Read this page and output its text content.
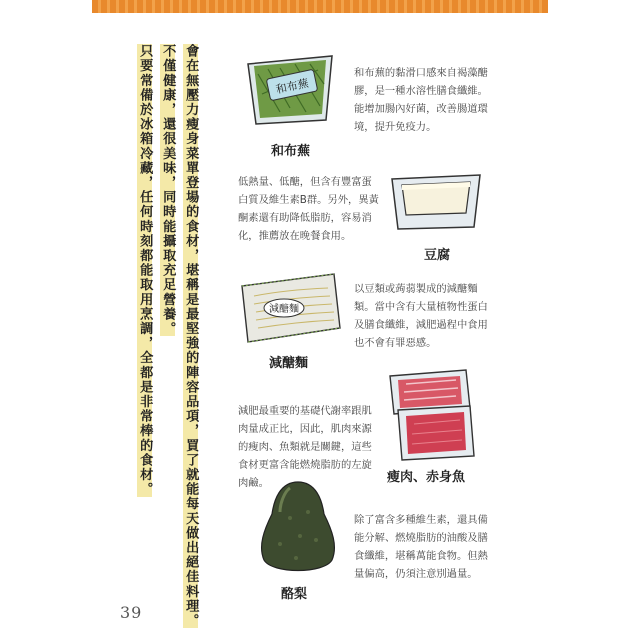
會在無壓力瘦身菜單登場的食材，堪稱是最堅強的陣容品項，買了就能每天做出絕佳料理。
不僅健康，還很美味，同時能攝取充足營養。
只要常備於冰箱冷藏，任何時刻都能取用烹調，全都是非常棒的食材。	和布蕪
和布蕪

和布蕪的黏滑口感來自褐藻醣膠，是一種水溶性膳食纖維。能增加腸內好菌，改善腸道環境，提升免疫力。

低熱量、低醣，但含有豐富蛋白質及維生素B群。另外，異黃酮素還有助降低脂肪，容易消化，推薦放在晚餐食用。

豆腐
減醣麵
減醣麵

以豆類或蒟蒻製成的減醣麵類。當中含有大量植物性蛋白及膳食纖維，減肥過程中食用也不會有罪惡感。

減肥最重要的基礎代謝率跟肌肉量成正比，因此，肌肉來源的瘦肉、魚類就是關鍵，這些食材更富含能燃燒脂肪的左旋肉鹼。	瘦肉、赤身魚
酪梨

除了富含多種維生素，還具備能分解、燃燒脂肪的油酸及膳食纖維，堪稱萬能食物。但熱量偏高，仍須注意別過量。

39
